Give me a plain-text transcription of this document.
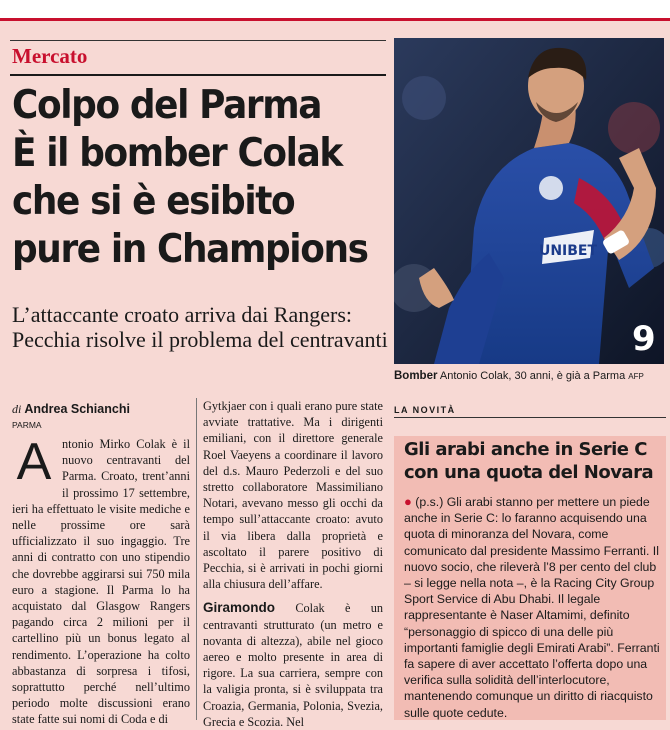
Mercato
Colpo del Parma
È il bomber Colak
che si è esibito
pure in Champions
L’attaccante croato arriva dai Rangers: Pecchia risolve il problema del centravanti
di Andrea Schianchi
PARMA
A ntonio Mirko Colak è il nuovo centravanti del Parma. Croato, trent’anni il prossimo 17 settembre, ieri ha effettuato le visite mediche e nelle prossime ore sarà ufficializzato il suo ingaggio. Tre anni di contratto con uno stipendio che dovrebbe aggirarsi sui 750 mila euro a stagione. Il Parma lo ha acquistato dal Glasgow Rangers pagando circa 2 milioni per il cartellino più un bonus legato al rendimento. L’operazione ha colto abbastanza di sorpresa i tifosi, soprattutto perché nell’ultimo periodo molte discussioni erano state fatte sui nomi di Coda e di

Gytkjaer con i quali erano pure state avviate trattative. Ma i dirigenti emiliani, con il direttore generale Roel Vaeyens a coordinare il lavoro del d.s. Mauro Pederzoli e del suo stretto collaboratore Massimiliano Notari, avevano messo gli occhi da tempo sull’attaccante croato: avuto il via libera dalla proprietà e ascoltato il parere positivo di Pecchia, si è arrivati in pochi giorni alla chiusura dell’affare.

Giramondo Colak è un centravanti strutturato (un metro e novanta di altezza), abile nel gioco aereo e molto presente in area di rigore. La sua carriera, sempre con la valigia pronta, si è sviluppata tra Croazia, Germania, Polonia, Svezia, Grecia e Scozia. Nel

UNIBET
9
Bomber Antonio Colak, 30 anni, è già a Parma AFP
LA NOVITÀ
Gli arabi anche in Serie C con una quota del Novara
● (p.s.) Gli arabi stanno per mettere un piede anche in Serie C: lo faranno acquisendo una quota di minoranza del Novara, come comunicato dal presidente Massimo Ferranti. Il nuovo socio, che rileverà l’8 per cento del club – si legge nella nota –, è la Racing City Group Sport Service di Abu Dhabi. Il legale rappresentante è Naser Altamimi, definito “personaggio di spicco di una delle più importanti famiglie degli Emirati Arabi”. Ferranti fa sapere di aver accettato l’offerta dopo una verifica sulla solidità dell’interlocutore, mantenendo comunque un diritto di riacquisto sulle quote cedute.
